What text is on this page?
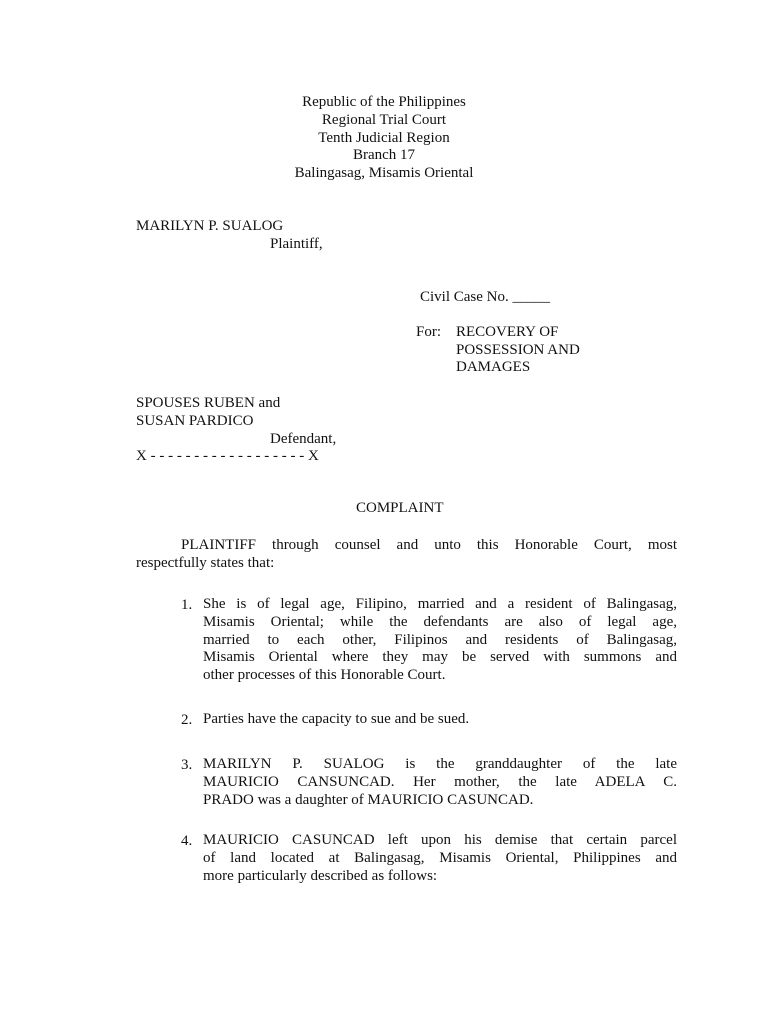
Republic of the Philippines
Regional Trial Court
Tenth Judicial Region
Branch 17
Balingasag, Misamis Oriental
MARILYN P. SUALOG
Plaintiff,
Civil Case No. _____
For: RECOVERY OF
POSSESSION AND
DAMAGES
SPOUSES RUBEN and
SUSAN PARDICO
Defendant,
X - - - - - - - - - - - - - - - - - - X
COMPLAINT
PLAINTIFF through counsel and unto this Honorable Court, most
respectfully states that:
1. She is of legal age, Filipino, married and a resident of Balingasag,
Misamis Oriental; while the defendants are also of legal age,
married to each other, Filipinos and residents of Balingasag,
Misamis Oriental where they may be served with summons and
other processes of this Honorable Court.
2. Parties have the capacity to sue and be sued.
3. MARILYN P. SUALOG is the granddaughter of the late
MAURICIO CANSUNCAD. Her mother, the late ADELA C.
PRADO was a daughter of MAURICIO CASUNCAD.
4. MAURICIO CASUNCAD left upon his demise that certain parcel
of land located at Balingasag, Misamis Oriental, Philippines and
more particularly described as follows:
